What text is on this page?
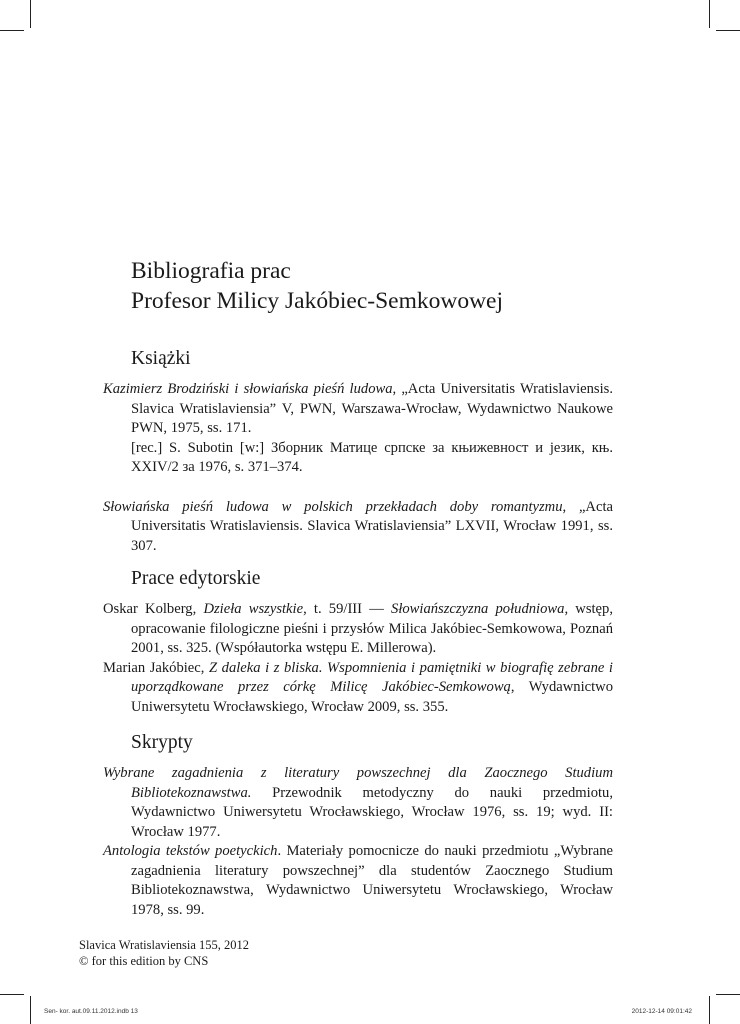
Bibliografia prac
Profesor Milicy Jakóbiec-Semkowowej
Książki

Kazimierz Brodziński i słowiańska pieśń ludowa, „Acta Universitatis Wratislaviensis. Slavica Wratislaviensia” V, PWN, Warszawa-Wrocław, Wydawnictwo Naukowe PWN, 1975, ss. 171.
[rec.] S. Subotin [w:] Зборник Матице српске за књижевност и језик, књ. XXIV/2 за 1976, s. 371–374.

Słowiańska pieśń ludowa w polskich przekładach doby romantyzmu, „Acta Universitatis Wratislaviensis. Slavica Wratislaviensia” LXVII, Wrocław 1991, ss. 307.

Prace edytorskie

Oskar Kolberg, Dzieła wszystkie, t. 59/III — Słowiańszczyzna południowa, wstęp, opracowanie filologiczne pieśni i przysłów Milica Jakóbiec-Semkowowa, Poznań 2001, ss. 325. (Współautorka wstępu E. Millerowa).

Marian Jakóbiec, Z daleka i z bliska. Wspomnienia i pamiętniki w biografię zebrane i uporządkowane przez córkę Milicę Jakóbiec-Semkowową, Wydawnictwo Uniwersytetu Wrocławskiego, Wrocław 2009, ss. 355.

Skrypty

Wybrane zagadnienia z literatury powszechnej dla Zaocznego Studium Bibliotekoznawstwa. Przewodnik metodyczny do nauki przedmiotu, Wydawnictwo Uniwersytetu Wrocławskiego, Wrocław 1976, ss. 19; wyd. II: Wrocław 1977.

Antologia tekstów poetyckich. Materiały pomocnicze do nauki przedmiotu „Wybrane zagadnienia literatury powszechnej” dla studentów Zaocznego Studium Bibliotekoznawstwa, Wydawnictwo Uniwersytetu Wrocławskiego, Wrocław 1978, ss. 99.

Slavica Wratislaviensia 155, 2012
© for this edition by CNS
Sen- kor. aut.09.11.2012.indb 13	2012-12-14 09:01:42
